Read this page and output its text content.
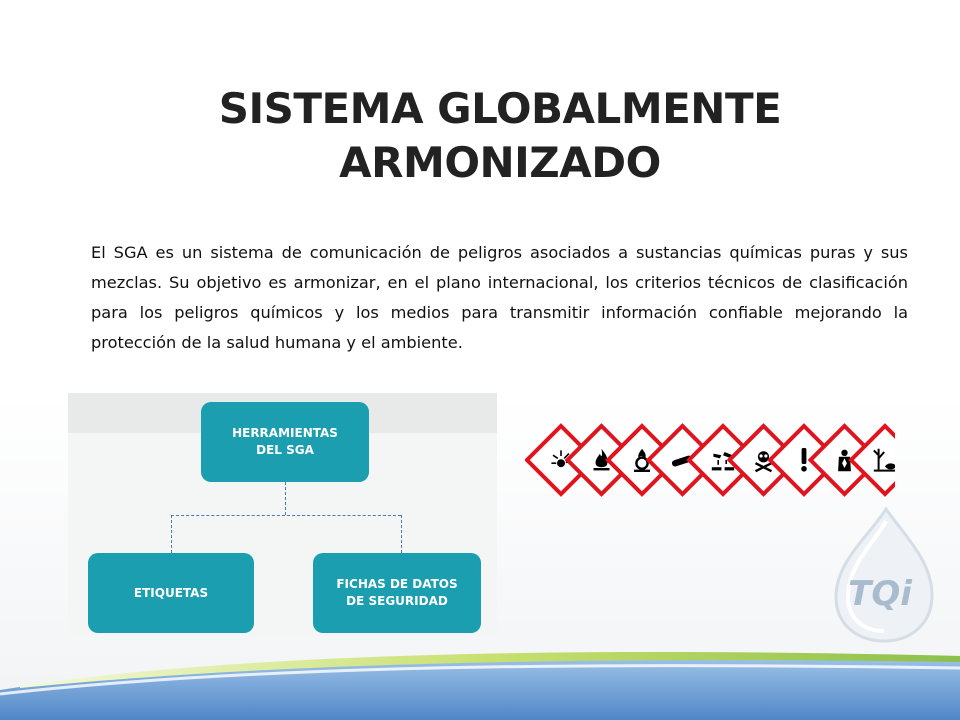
SISTEMA GLOBALMENTE
ARMONIZADO
El SGA es un sistema de comunicación de peligros asociados a sustancias químicas puras y sus mezclas. Su objetivo es armonizar, en el plano internacional, los criterios técnicos de clasificación para los peligros químicos y los medios para transmitir información confiable mejorando la protección de la salud humana y el ambiente.
HERRAMIENTAS
DEL SGA
ETIQUETAS
FICHAS DE DATOS
DE SEGURIDAD	TQi
